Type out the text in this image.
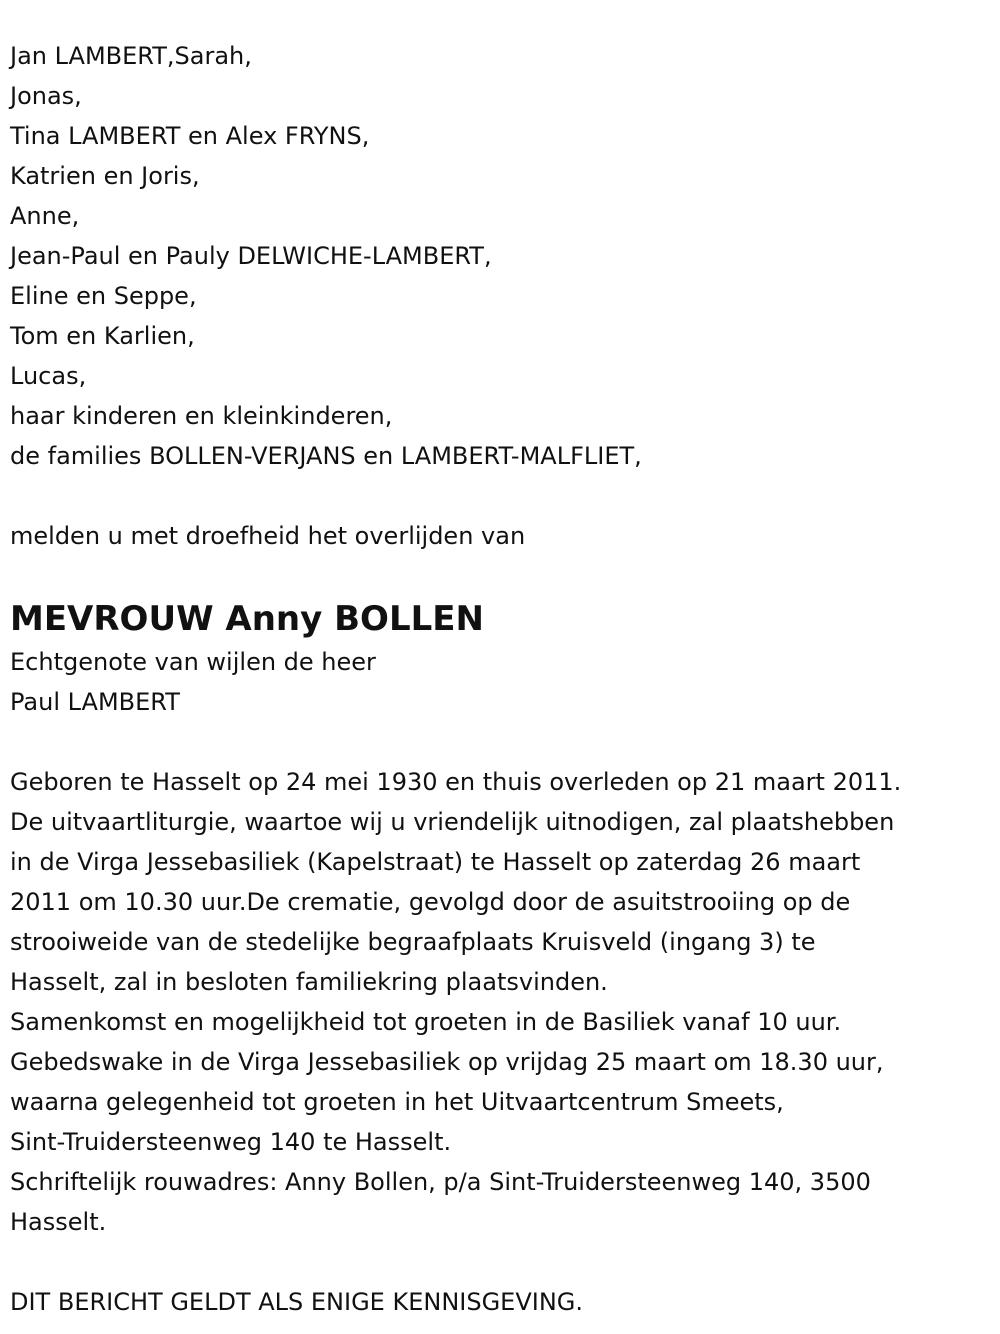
Jan LAMBERT,Sarah,
Jonas,
Tina LAMBERT en Alex FRYNS,
Katrien en Joris,
Anne,
Jean-Paul en Pauly DELWICHE-LAMBERT,
Eline en Seppe,
Tom en Karlien,
Lucas,
haar kinderen en kleinkinderen,
de families BOLLEN-VERJANS en LAMBERT-MALFLIET,
melden u met droefheid het overlijden van
MEVROUW Anny BOLLEN
Echtgenote van wijlen de heer
Paul LAMBERT
Geboren te Hasselt op 24 mei 1930 en thuis overleden op 21 maart 2011.
De uitvaartliturgie, waartoe wij u vriendelijk uitnodigen, zal plaatshebben
in de Virga Jessebasiliek (Kapelstraat) te Hasselt op zaterdag 26 maart
2011 om 10.30 uur.De crematie, gevolgd door de asuitstrooiing op de
strooiweide van de stedelijke begraafplaats Kruisveld (ingang 3) te
Hasselt, zal in besloten familiekring plaatsvinden.
Samenkomst en mogelijkheid tot groeten in de Basiliek vanaf 10 uur.
Gebedswake in de Virga Jessebasiliek op vrijdag 25 maart om 18.30 uur,
waarna gelegenheid tot groeten in het Uitvaartcentrum Smeets,
Sint-Truidersteenweg 140 te Hasselt.
Schriftelijk rouwadres: Anny Bollen, p/a Sint-Truidersteenweg 140, 3500
Hasselt.
DIT BERICHT GELDT ALS ENIGE KENNISGEVING.
